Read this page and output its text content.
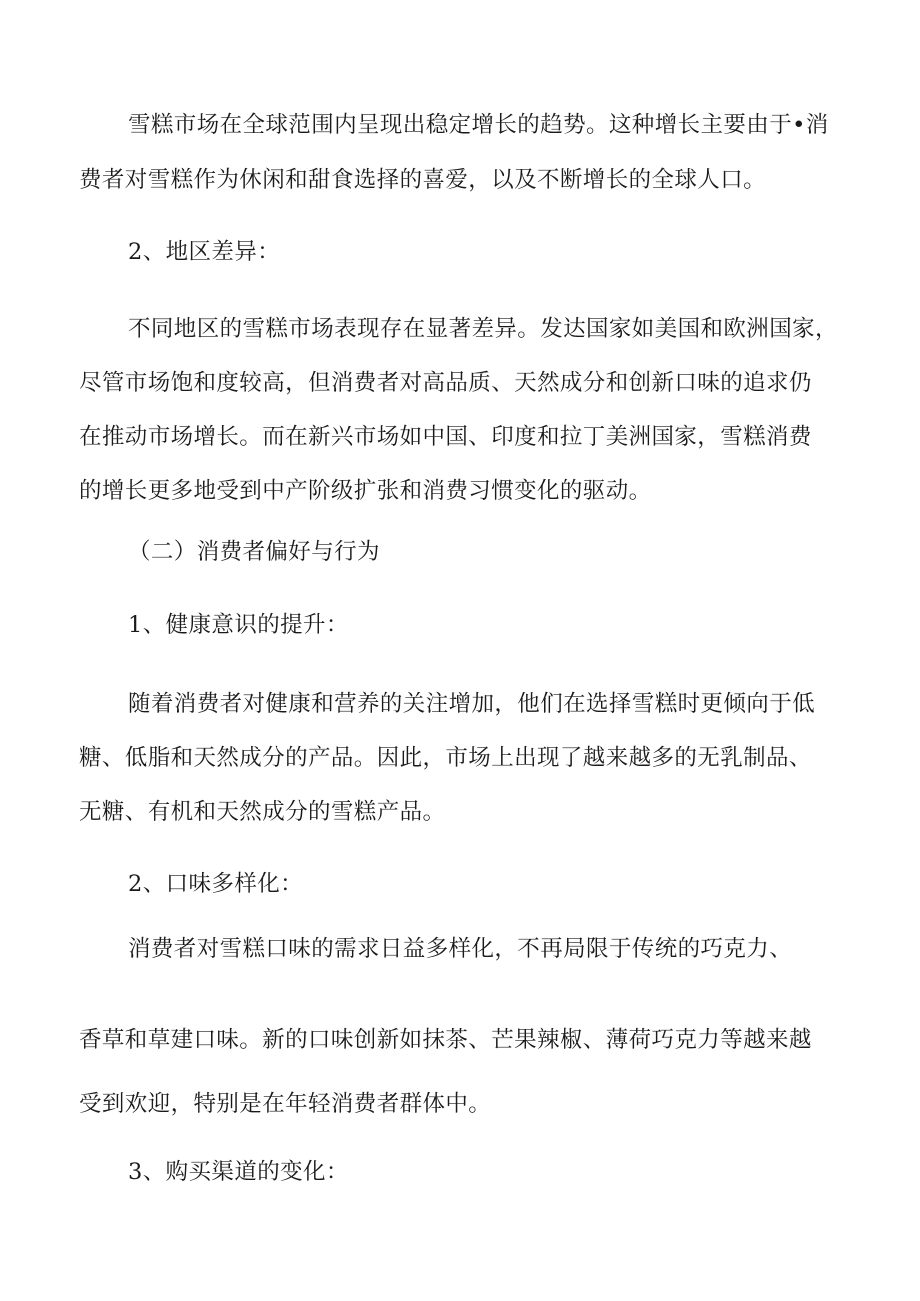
雪糕市场在全球范围内呈现出稳定增长的趋势。这种增长主要由于•消
费者对雪糕作为休闲和甜食选择的喜爱，以及不断增长的全球人口。
2、地区差异：
不同地区的雪糕市场表现存在显著差异。发达国家如美国和欧洲国家，
尽管市场饱和度较高，但消费者对高品质、天然成分和创新口味的追求仍
在推动市场增长。而在新兴市场如中国、印度和拉丁美洲国家，雪糕消费
的增长更多地受到中产阶级扩张和消费习惯变化的驱动。
（二）消费者偏好与行为
1、健康意识的提升：
随着消费者对健康和营养的关注增加，他们在选择雪糕时更倾向于低
糖、低脂和天然成分的产品。因此，市场上出现了越来越多的无乳制品、
无糖、有机和天然成分的雪糕产品。
2、口味多样化：
消费者对雪糕口味的需求日益多样化，不再局限于传统的巧克力、
香草和草建口味。新的口味创新如抹茶、芒果辣椒、薄荷巧克力等越来越
受到欢迎，特别是在年轻消费者群体中。
3、购买渠道的变化：
